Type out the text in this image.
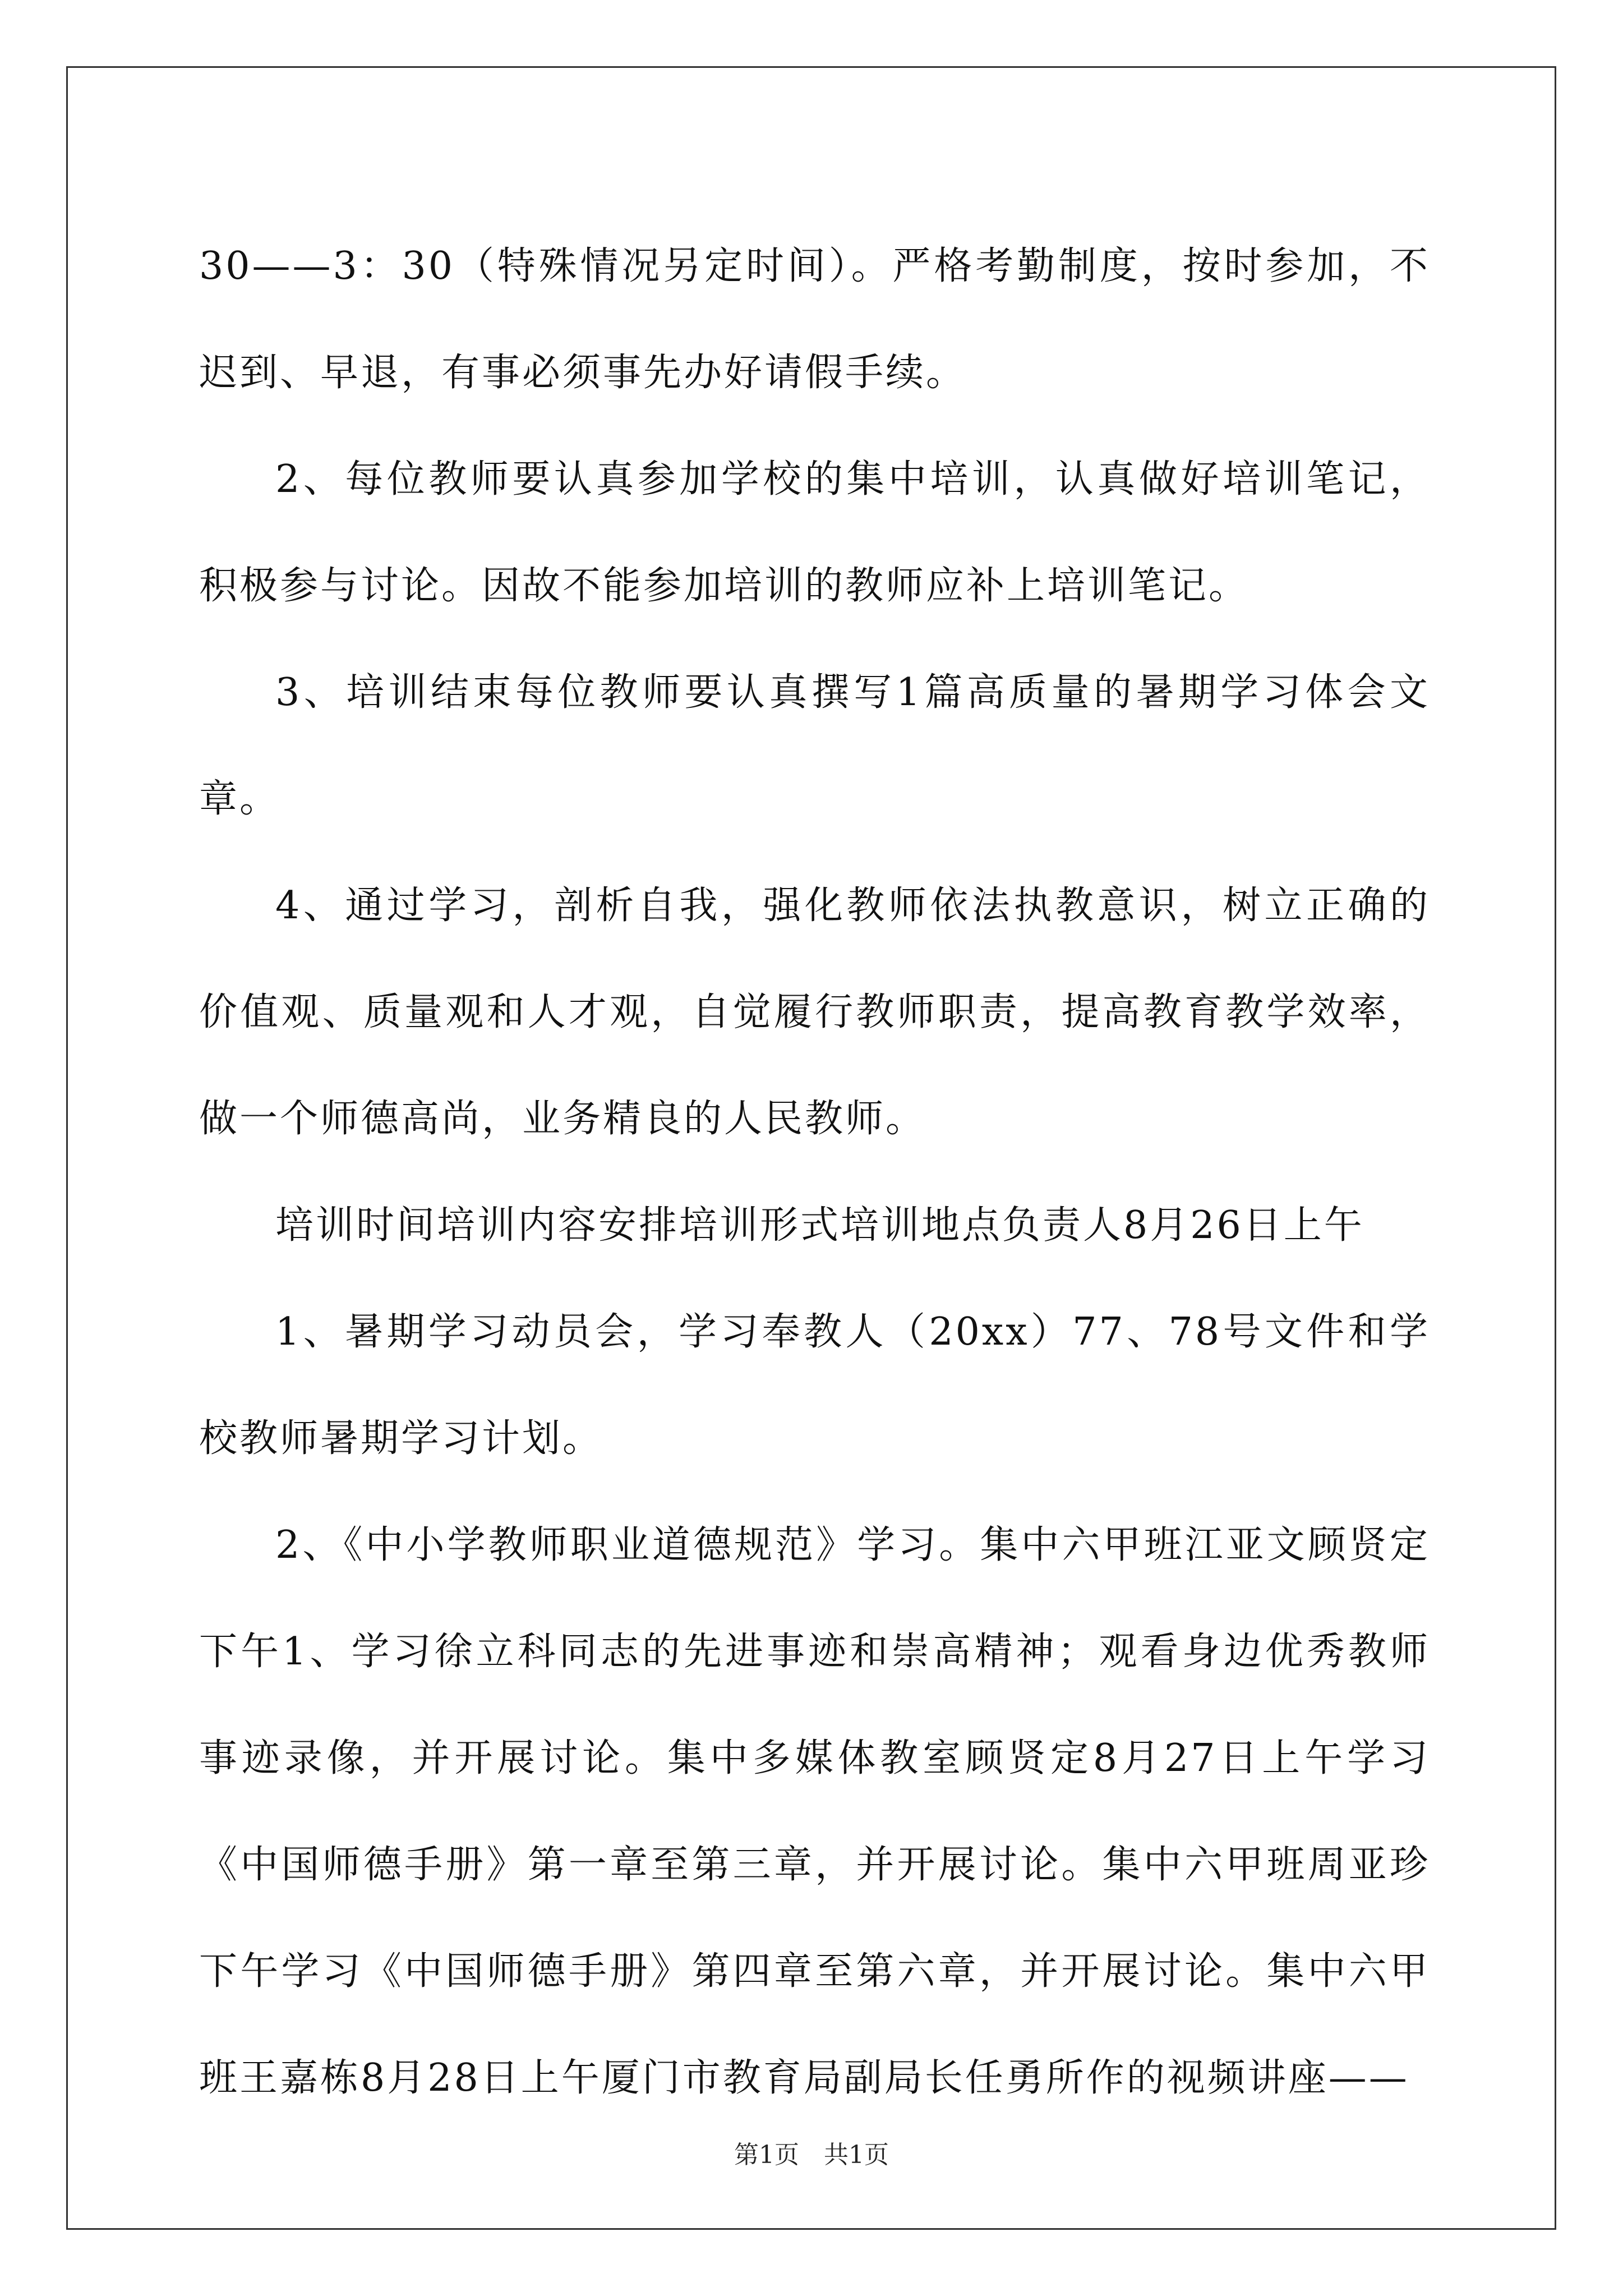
30——3：30（特殊情况另定时间）。严格考勤制度，按时参加，不迟到、早退，有事必须事先办好请假手续。

2、每位教师要认真参加学校的集中培训，认真做好培训笔记，积极参与讨论。因故不能参加培训的教师应补上培训笔记。

3、培训结束每位教师要认真撰写1篇高质量的暑期学习体会文章。

4、通过学习，剖析自我，强化教师依法执教意识，树立正确的价值观、质量观和人才观，自觉履行教师职责，提高教育教学效率，做一个师德高尚，业务精良的人民教师。

培训时间培训内容安排培训形式培训地点负责人8月26日上午

1、暑期学习动员会，学习奉教人（20xx）77、78号文件和学校教师暑期学习计划。

2、《中小学教师职业道德规范》学习。集中六甲班江亚文顾贤定下午1、学习徐立科同志的先进事迹和崇高精神；观看身边优秀教师事迹录像，并开展讨论。集中多媒体教室顾贤定8月27日上午学习《中国师德手册》第一章至第三章，并开展讨论。集中六甲班周亚珍下午学习《中国师德手册》第四章至第六章，并开展讨论。集中六甲班王嘉栋8月28日上午厦门市教育局副局长任勇所作的视频讲座——

第1页　共1页
